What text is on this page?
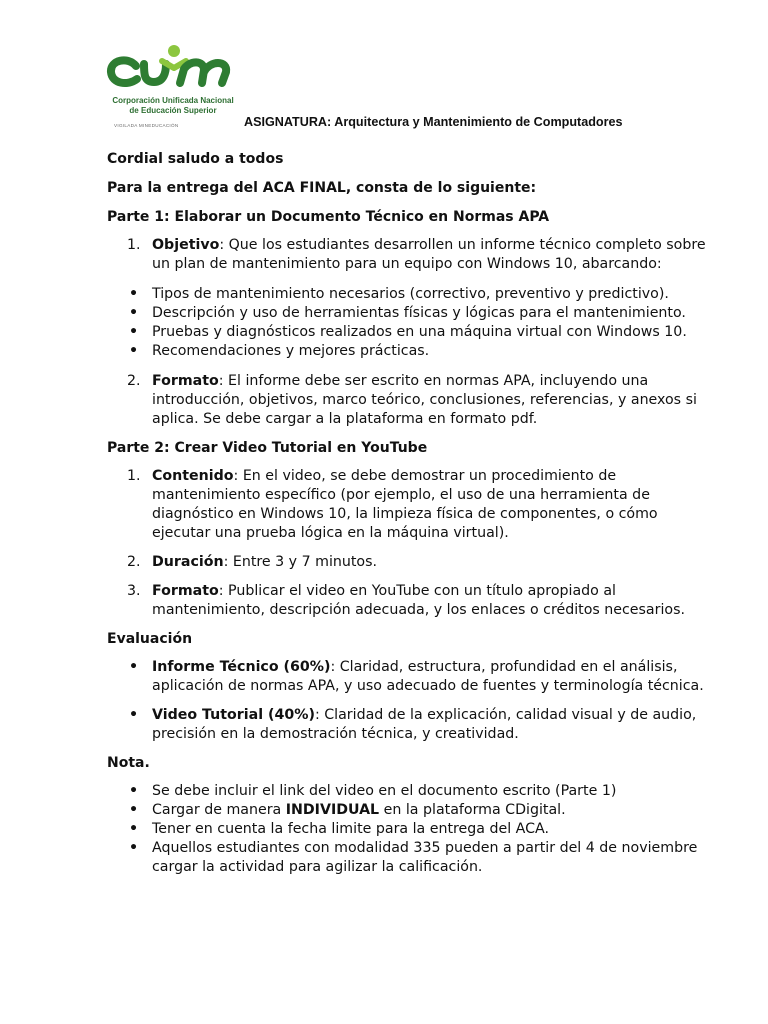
Corporación Unificada Nacional
de Educación Superior
VIGILADA MINEDUCACIÓN	ASIGNATURA: Arquitectura y Mantenimiento de Computadores

Cordial saludo a todos

Para la entrega del ACA FINAL, consta de lo siguiente:

Parte 1: Elaborar un Documento Técnico en Normas APA

1. Objetivo: Que los estudiantes desarrollen un informe técnico completo sobre un plan de mantenimiento para un equipo con Windows 10, abarcando:
• Tipos de mantenimiento necesarios (correctivo, preventivo y predictivo).
• Descripción y uso de herramientas físicas y lógicas para el mantenimiento.
• Pruebas y diagnósticos realizados en una máquina virtual con Windows 10.
• Recomendaciones y mejores prácticas.
2. Formato: El informe debe ser escrito en normas APA, incluyendo una introducción, objetivos, marco teórico, conclusiones, referencias, y anexos si aplica. Se debe cargar a la plataforma en formato pdf.

Parte 2: Crear Video Tutorial en YouTube

1. Contenido: En el video, se debe demostrar un procedimiento de mantenimiento específico (por ejemplo, el uso de una herramienta de diagnóstico en Windows 10, la limpieza física de componentes, o cómo ejecutar una prueba lógica en la máquina virtual).
2. Duración: Entre 3 y 7 minutos.
3. Formato: Publicar el video en YouTube con un título apropiado al mantenimiento, descripción adecuada, y los enlaces o créditos necesarios.

Evaluación

• Informe Técnico (60%): Claridad, estructura, profundidad en el análisis, aplicación de normas APA, y uso adecuado de fuentes y terminología técnica.
• Video Tutorial (40%): Claridad de la explicación, calidad visual y de audio, precisión en la demostración técnica, y creatividad.

Nota.

• Se debe incluir el link del video en el documento escrito (Parte 1)
• Cargar de manera INDIVIDUAL en la plataforma CDigital.
• Tener en cuenta la fecha limite para la entrega del ACA.
• Aquellos estudiantes con modalidad 335 pueden a partir del 4 de noviembre cargar la actividad para agilizar la calificación.
